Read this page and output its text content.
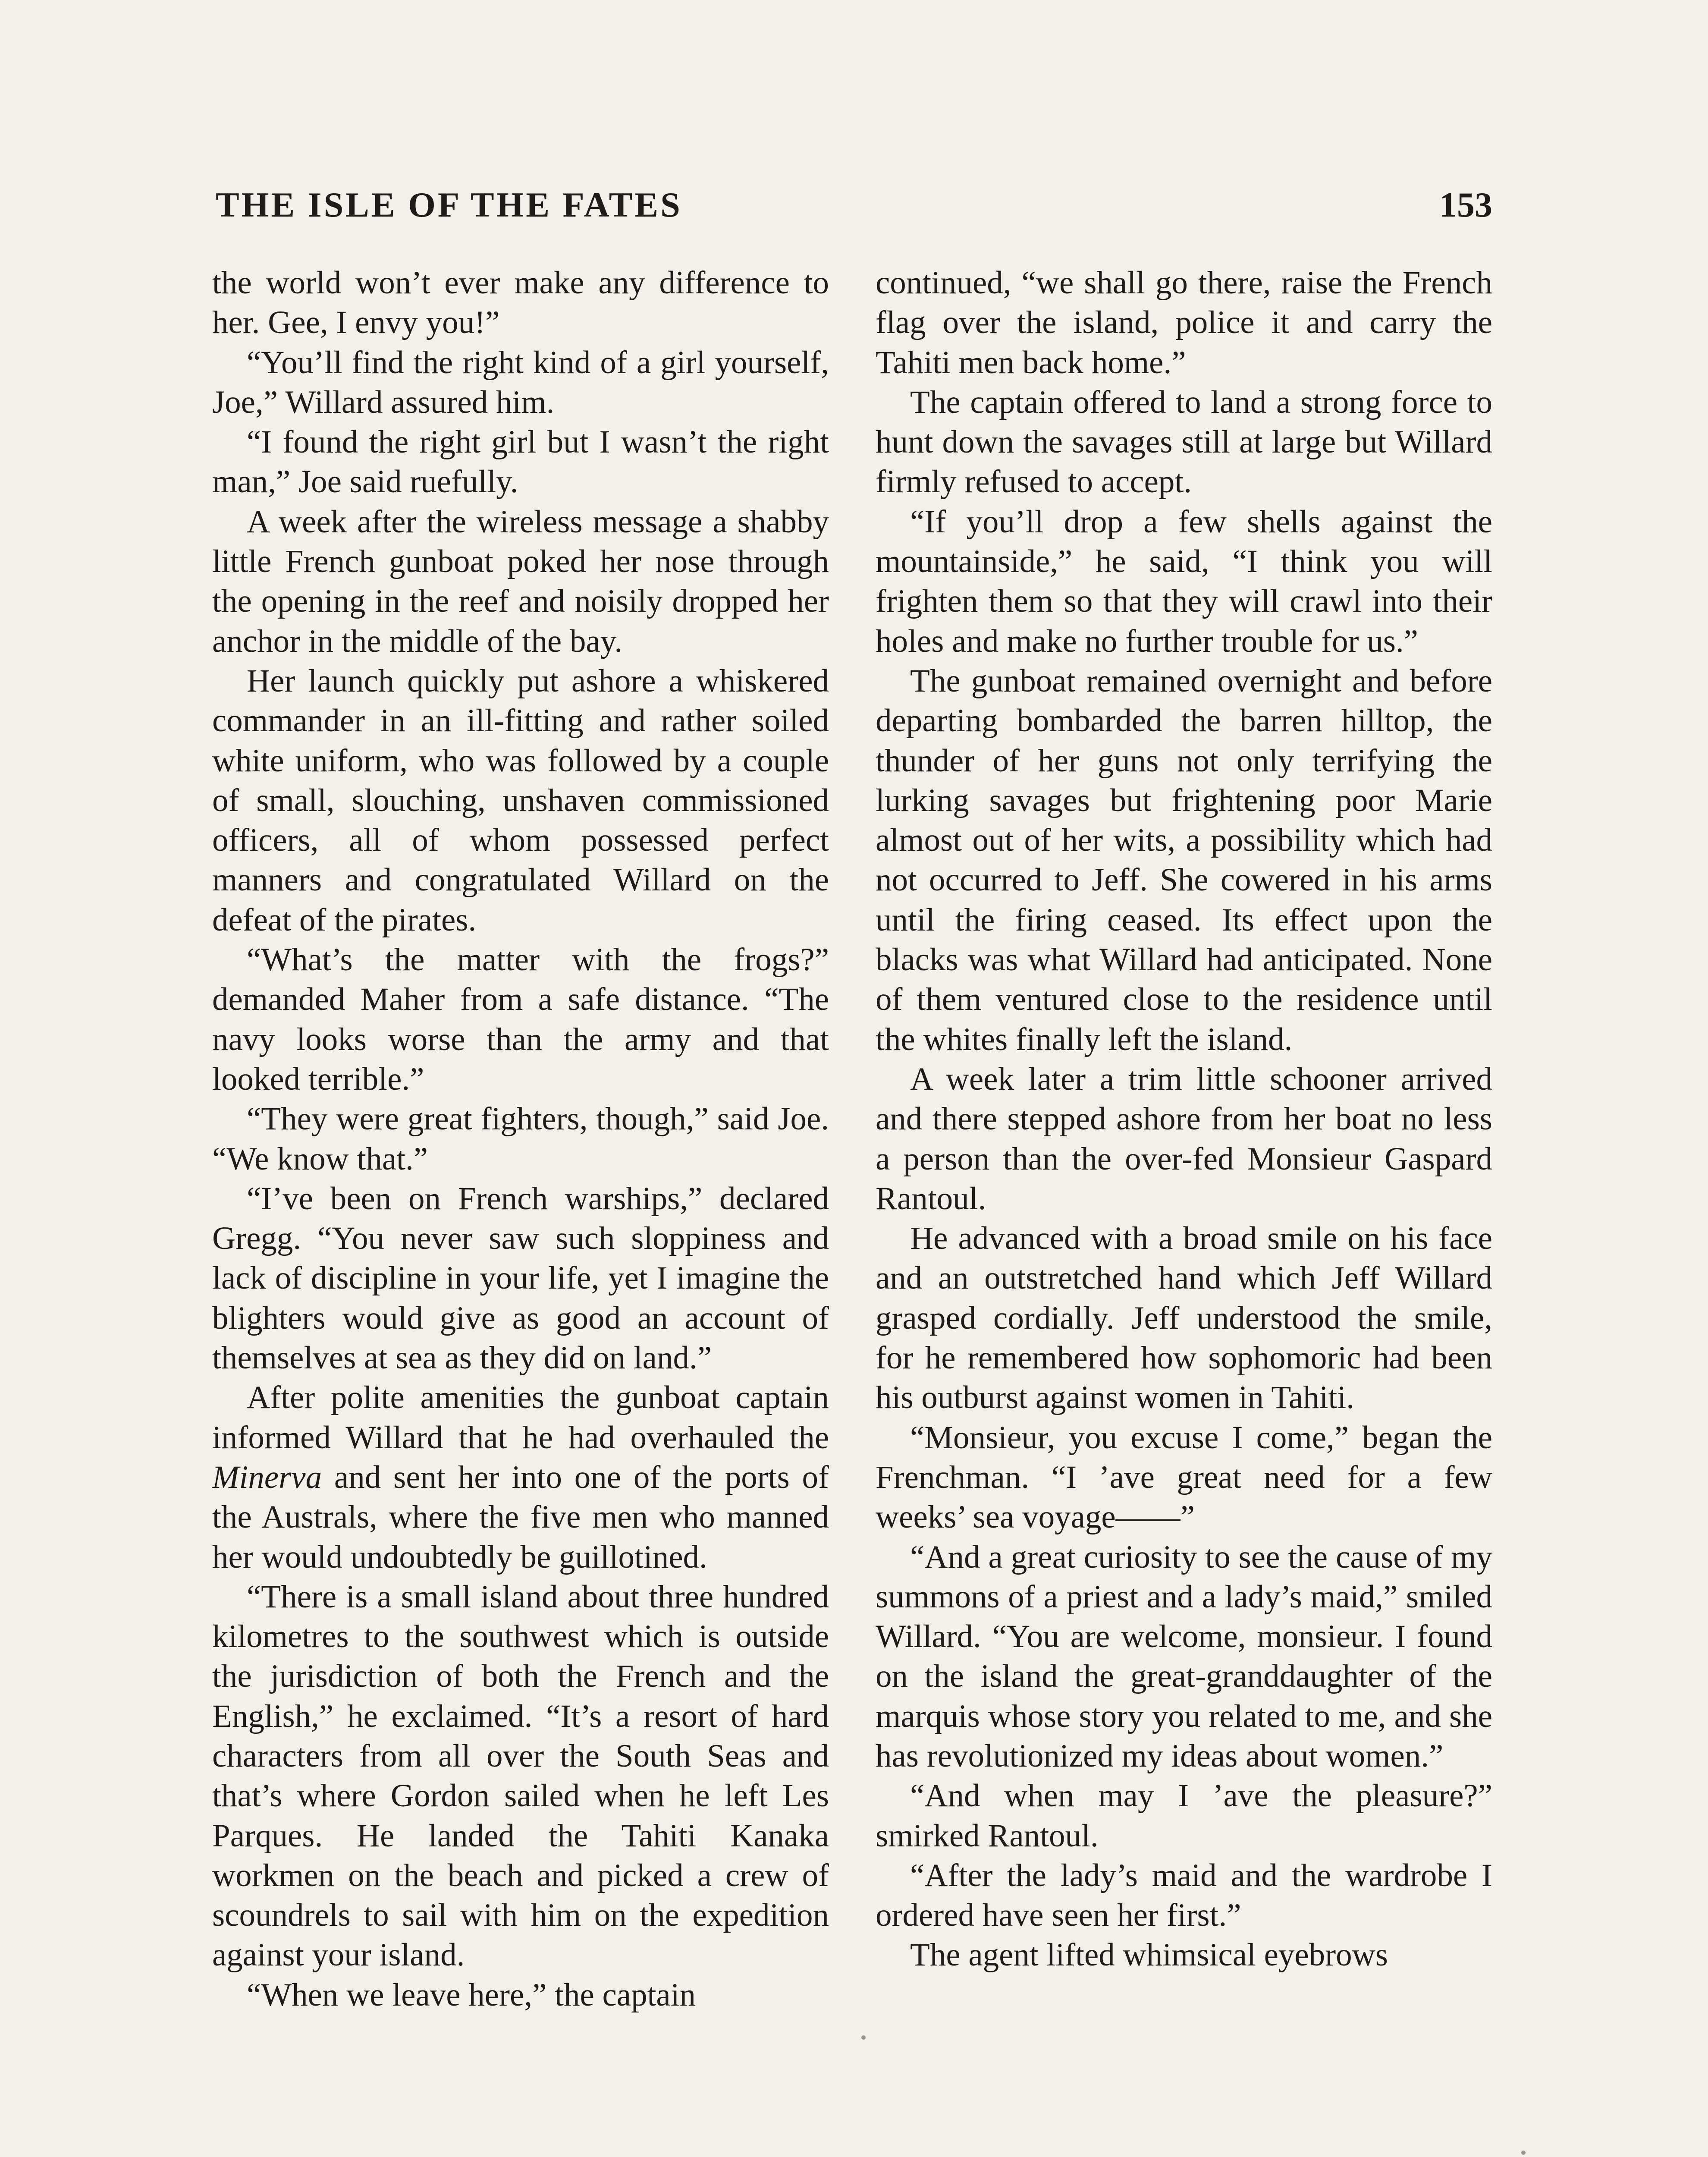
THE ISLE OF THE FATES	153

the world won’t ever make any difference to her. Gee, I envy you!”

“You’ll find the right kind of a girl yourself, Joe,” Willard assured him.

“I found the right girl but I wasn’t the right man,” Joe said ruefully.

A week after the wireless message a shabby little French gunboat poked her nose through the opening in the reef and noisily dropped her anchor in the middle of the bay.

Her launch quickly put ashore a whiskered commander in an ill-fitting and rather soiled white uniform, who was followed by a couple of small, slouching, unshaven commissioned officers, all of whom possessed perfect manners and congratulated Willard on the defeat of the pirates.

“What’s the matter with the frogs?” demanded Maher from a safe distance. “The navy looks worse than the army and that looked terrible.”

“They were great fighters, though,” said Joe. “We know that.”

“I’ve been on French warships,” declared Gregg. “You never saw such sloppiness and lack of discipline in your life, yet I imagine the blighters would give as good an account of themselves at sea as they did on land.”

After polite amenities the gunboat captain informed Willard that he had overhauled the Minerva and sent her into one of the ports of the Australs, where the five men who manned her would undoubtedly be guillotined.

“There is a small island about three hundred kilometres to the southwest which is outside the jurisdiction of both the French and the English,” he exclaimed. “It’s a resort of hard characters from all over the South Seas and that’s where Gordon sailed when he left Les Parques. He landed the Tahiti Kanaka workmen on the beach and picked a crew of scoundrels to sail with him on the expedition against your island.

“When we leave here,” the captain

continued, “we shall go there, raise the French flag over the island, police it and carry the Tahiti men back home.”

The captain offered to land a strong force to hunt down the savages still at large but Willard firmly refused to accept.

“If you’ll drop a few shells against the mountainside,” he said, “I think you will frighten them so that they will crawl into their holes and make no further trouble for us.”

The gunboat remained overnight and before departing bombarded the barren hilltop, the thunder of her guns not only terrifying the lurking savages but frightening poor Marie almost out of her wits, a possibility which had not occurred to Jeff. She cowered in his arms until the firing ceased. Its effect upon the blacks was what Willard had anticipated. None of them ventured close to the residence until the whites finally left the island.

A week later a trim little schooner arrived and there stepped ashore from her boat no less a person than the over-fed Monsieur Gaspard Rantoul.

He advanced with a broad smile on his face and an outstretched hand which Jeff Willard grasped cordially. Jeff understood the smile, for he remembered how sophomoric had been his outburst against women in Tahiti.

“Monsieur, you excuse I come,” began the Frenchman. “I ’ave great need for a few weeks’ sea voyage——”

“And a great curiosity to see the cause of my summons of a priest and a lady’s maid,” smiled Willard. “You are welcome, monsieur. I found on the island the great-granddaughter of the marquis whose story you related to me, and she has revolutionized my ideas about women.”

“And when may I ’ave the pleasure?” smirked Rantoul.

“After the lady’s maid and the wardrobe I ordered have seen her first.”

The agent lifted whimsical eyebrows
